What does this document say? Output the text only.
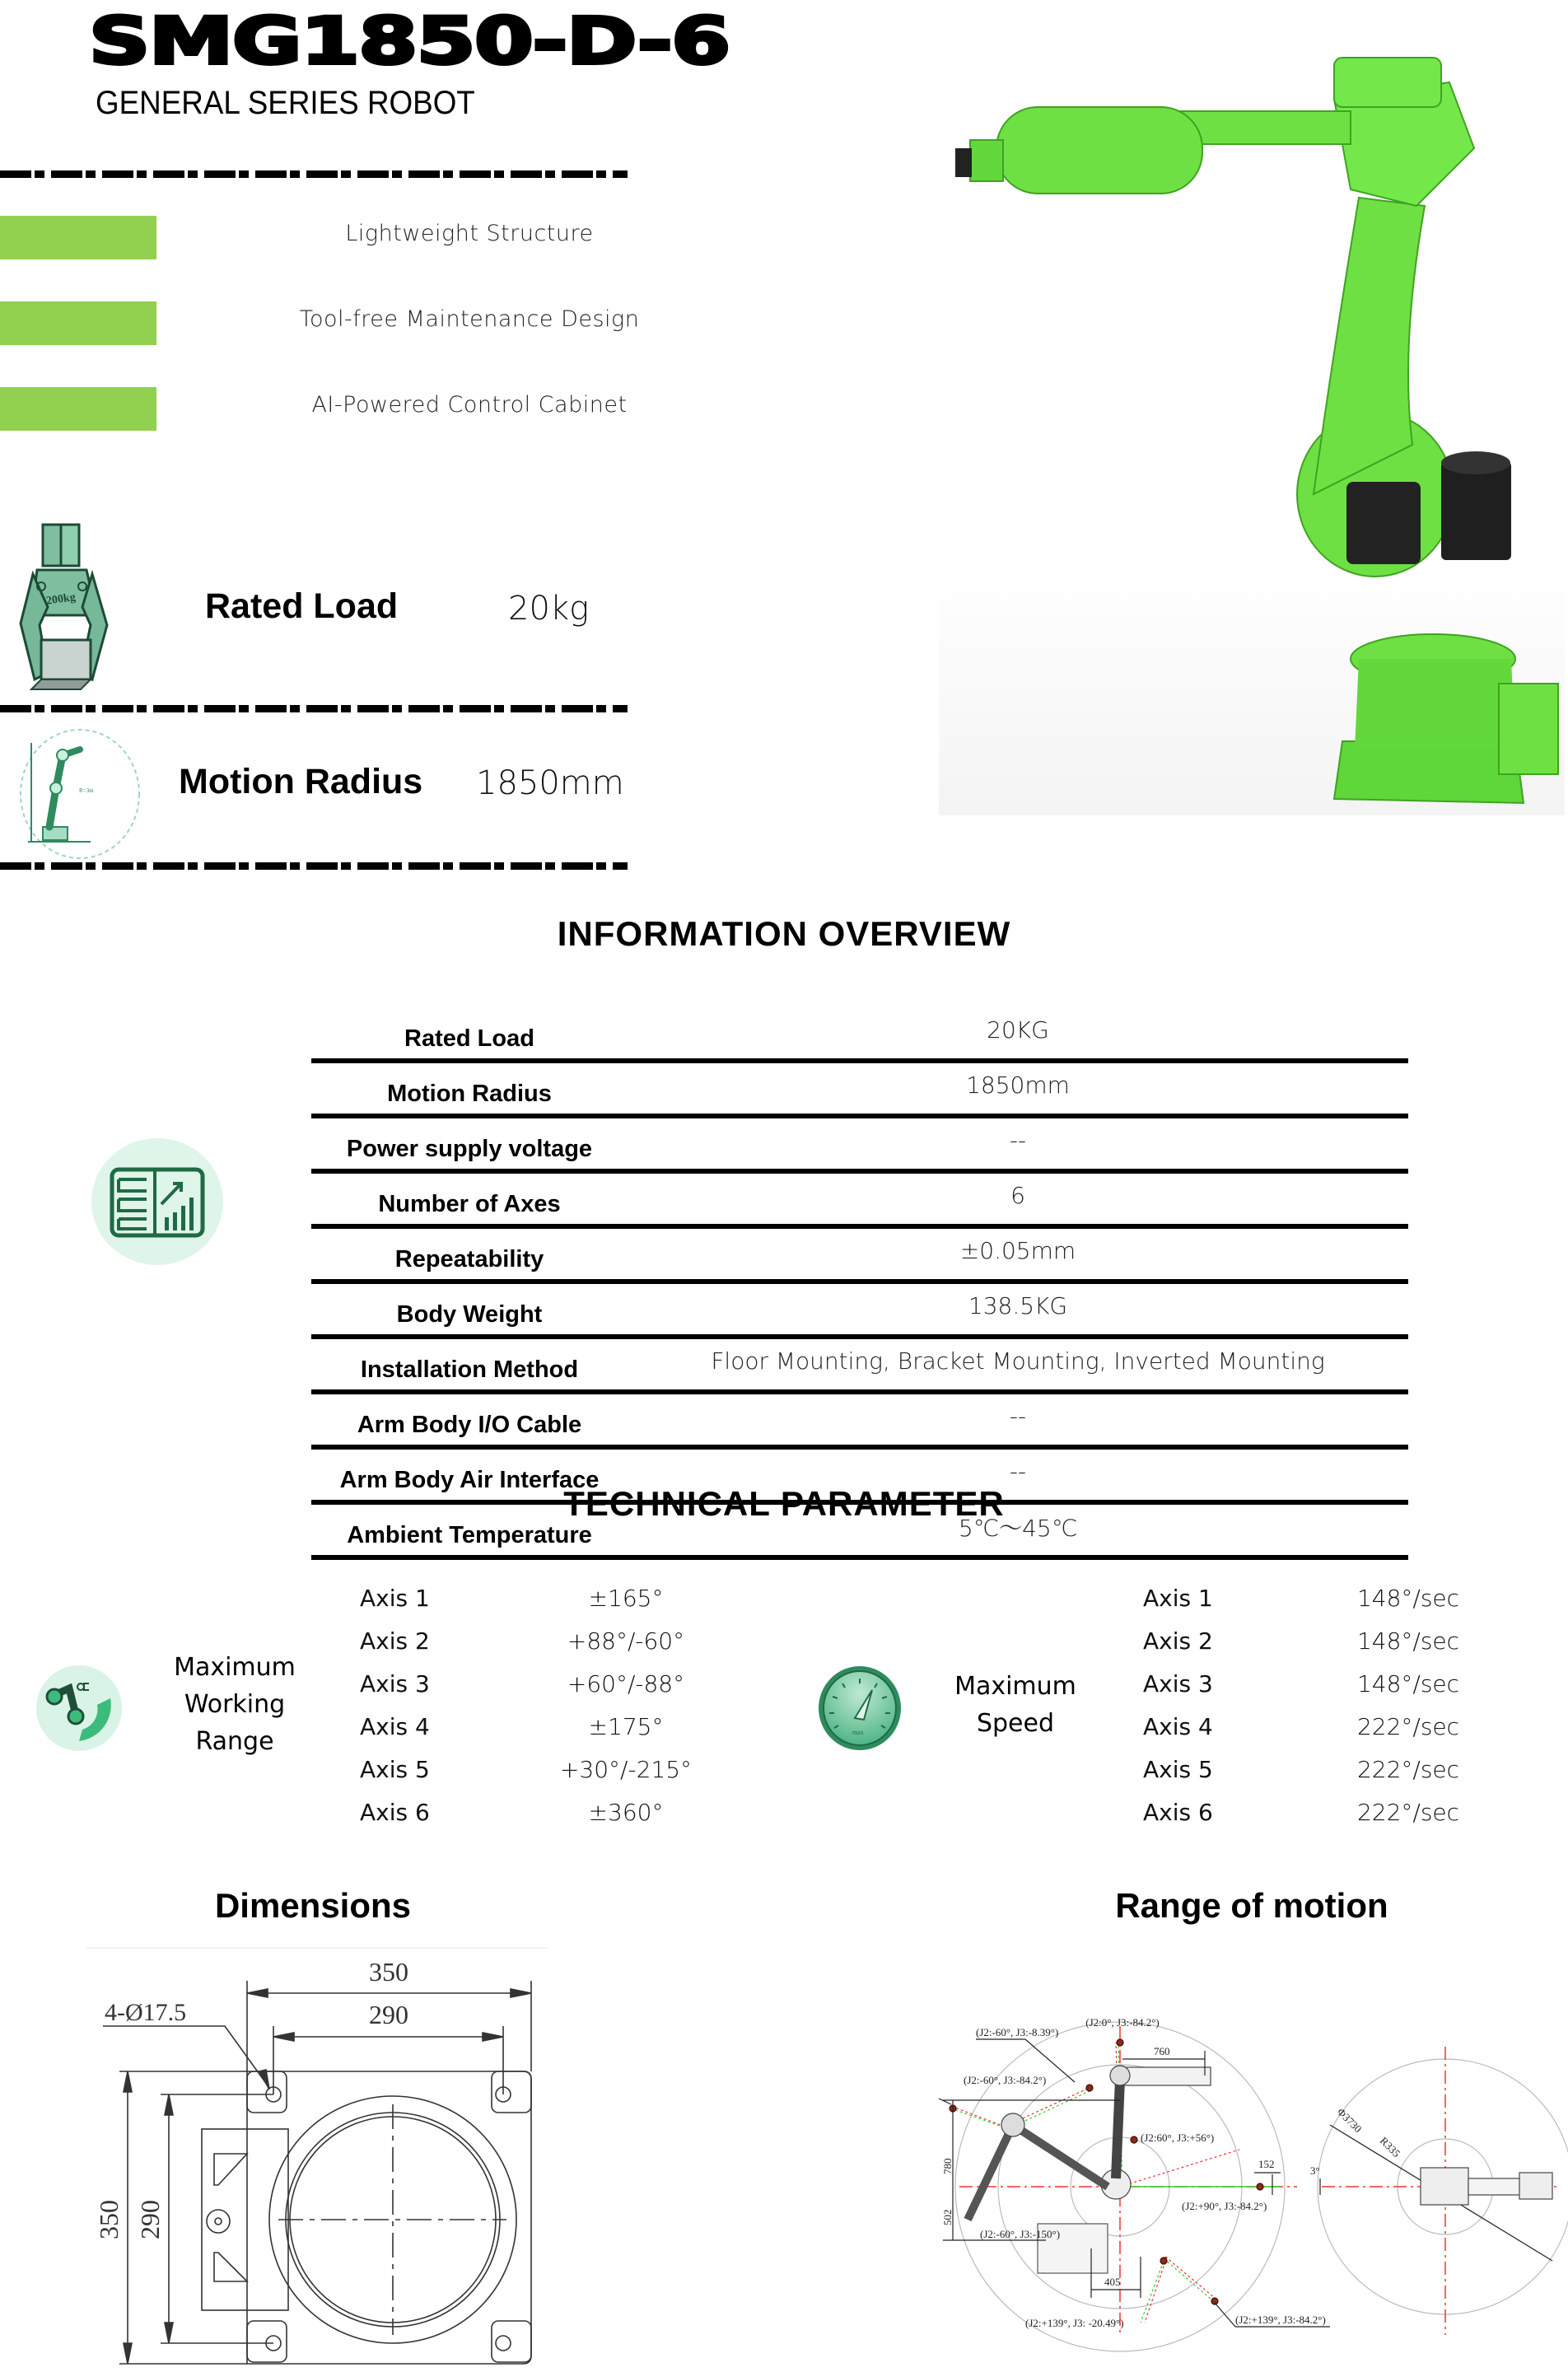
SMG1850-D-6
GENERAL SERIES ROBOT
Lightweight Structure
Tool-free Maintenance Design
AI-Powered Control Cabinet
200kg	Rated Load	20kg
R=3m Motion Radius 1850mm
INFORMATION OVERVIEW
Rated Load	20KG
Motion Radius	1850mm
Power supply voltage	--
Number of Axes	6
Repeatability	±0.05mm
Body Weight	138.5KG
Installation Method	Floor Mounting, Bracket Mounting, Inverted Mounting
Arm Body I/O Cable	--
Arm Body Air Interface	--
Ambient Temperature	5℃～45℃
TECHNICAL PARAMETER
Maximum
Working
Range
Axis 1	±165°
Axis 2	+88°/-60°
Axis 3	+60°/-88°
Axis 4	±175°
Axis 5	+30°/-215°
Axis 6	±360°
max
Maximum
Speed
Axis 1	148°/sec
Axis 2	148°/sec
Axis 3	148°/sec
Axis 4	222°/sec
Axis 5	222°/sec
Axis 6	222°/sec
Dimensions
350
290
4-Ø17.5
350 290
Range of motion
(J2:0°, J3:-84.2°)
(J2:-60°, J3:-8.39°)
(J2:-60°, J3:-84.2°)
(J2:60°, J3:+56°)
(J2:-60°, J3:-150°)
(J2:+90°, J3:-84.2°)
(J2:+139°, J3: -20.49°)	(J2:+139°, J3:-84.2°)
760
780
502
405
152
3°
Φ3730
R335
